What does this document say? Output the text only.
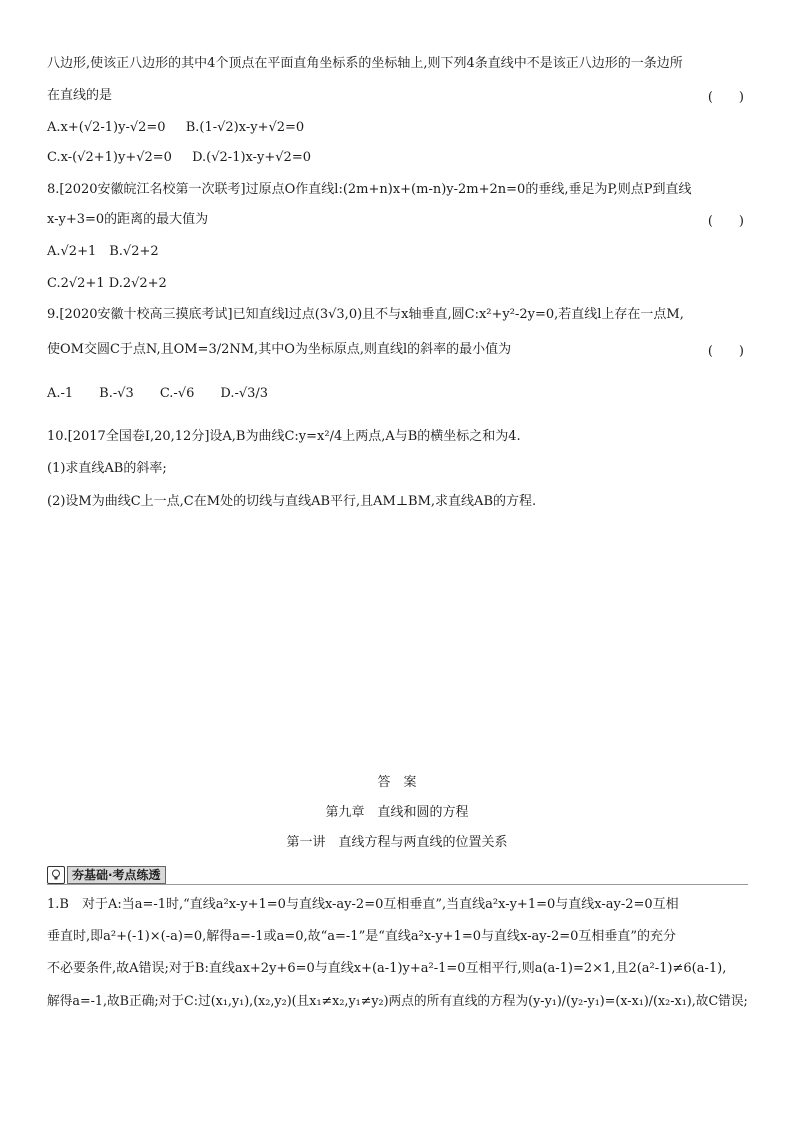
八边形,使该正八边形的其中4个顶点在平面直角坐标系的坐标轴上,则下列4条直线中不是该正八边形的一条边所
在直线的是	(　　)
A.x+(√2-1)y-√2=0 B.(1-√2)x-y+√2=0
C.x-(√2+1)y+√2=0 D.(√2-1)x-y+√2=0
8.[2020安徽皖江名校第一次联考]过原点O作直线l:(2m+n)x+(m-n)y-2m+2n=0的垂线,垂足为P,则点P到直线
x-y+3=0的距离的最大值为	(　　)
A.√2+1　B.√2+2
C.2√2+1 D.2√2+2
9.[2020安徽十校高三摸底考试]已知直线l过点(3√3,0)且不与x轴垂直,圆C:x²+y²-2y=0,若直线l上存在一点M,
使OM交圆C于点N,且OM=3/2NM,其中O为坐标原点,则直线l的斜率的最小值为	(　　)
A.-1　　B.-√3　　C.-√6　　D.-√3/3
10.[2017全国卷Ⅰ,20,12分]设A,B为曲线C:y=x²/4上两点,A与B的横坐标之和为4.
(1)求直线AB的斜率;
(2)设M为曲线C上一点,C在M处的切线与直线AB平行,且AM⊥BM,求直线AB的方程.
答　案
第九章　直线和圆的方程
第一讲　直线方程与两直线的位置关系
夯基础·考点练透
1.B　对于A:当a=-1时,“直线a²x-y+1=0与直线x-ay-2=0互相垂直”,当直线a²x-y+1=0与直线x-ay-2=0互相
垂直时,即a²+(-1)×(-a)=0,解得a=-1或a=0,故“a=-1”是“直线a²x-y+1=0与直线x-ay-2=0互相垂直”的充分
不必要条件,故A错误;对于B:直线ax+2y+6=0与直线x+(a-1)y+a²-1=0互相平行,则a(a-1)=2×1,且2(a²-1)≠6(a-1),
解得a=-1,故B正确;对于C:过(x₁,y₁),(x₂,y₂)(且x₁≠x₂,y₁≠y₂)两点的所有直线的方程为(y-y₁)/(y₂-y₁)=(x-x₁)/(x₂-x₁),故C错误;
